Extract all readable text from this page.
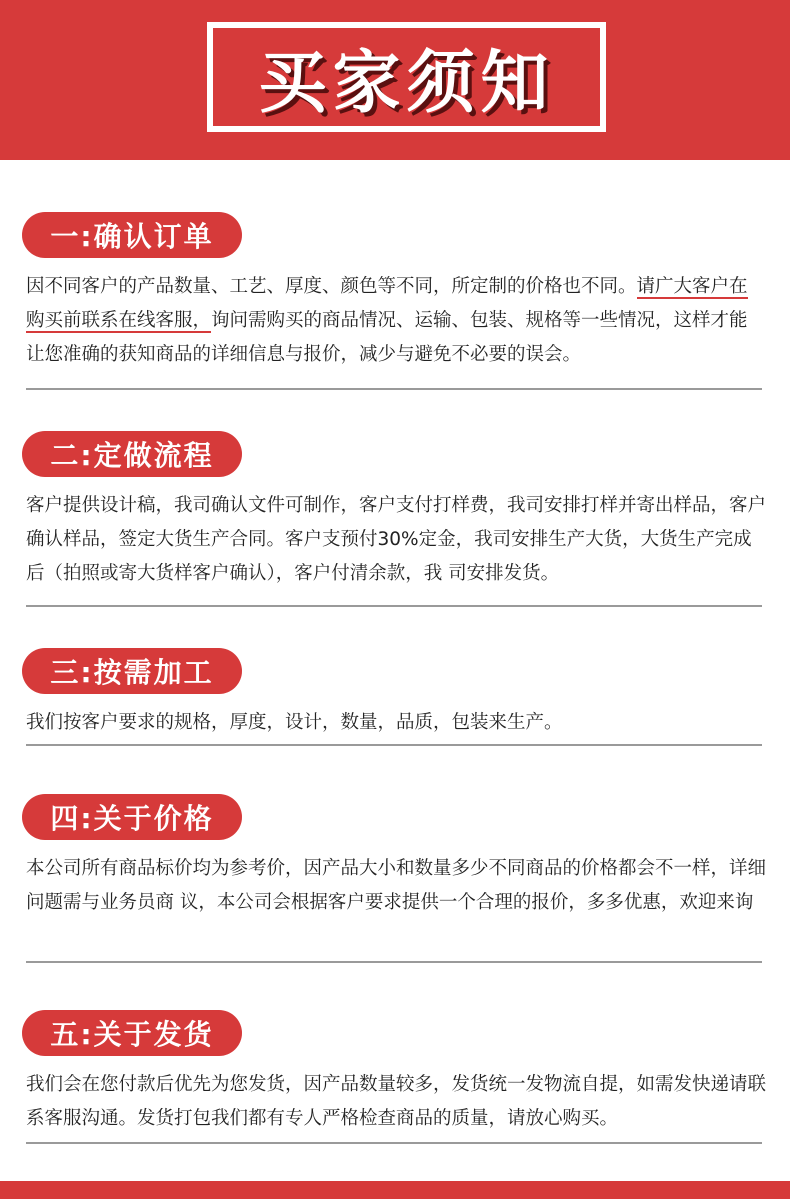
买家须知
一:确认订单
因不同客户的产品数量、工艺、厚度、颜色等不同，所定制的价格也不同。请广大客户在购买前联系在线客服，询问需购买的商品情况、运输、包装、规格等一些情况，这样才能让您准确的获知商品的详细信息与报价，减少与避免不必要的误会。
二:定做流程
客户提供设计稿，我司确认文件可制作，客户支付打样费，我司安排打样并寄出样品，客户确认样品，签定大货生产合同。客户支预付30%定金，我司安排生产大货，大货生产完成后（拍照或寄大货样客户确认），客户付清余款，我 司安排发货。
三:按需加工
我们按客户要求的规格，厚度，设计，数量，品质，包装来生产。
四:关于价格
本公司所有商品标价均为参考价，因产品大小和数量多少不同商品的价格都会不一样，详细问题需与业务员商 议，本公司会根据客户要求提供一个合理的报价，多多优惠，欢迎来询
五:关于发货
我们会在您付款后优先为您发货，因产品数量较多，发货统一发物流自提，如需发快递请联系客服沟通。发货打包我们都有专人严格检查商品的质量，请放心购买。
